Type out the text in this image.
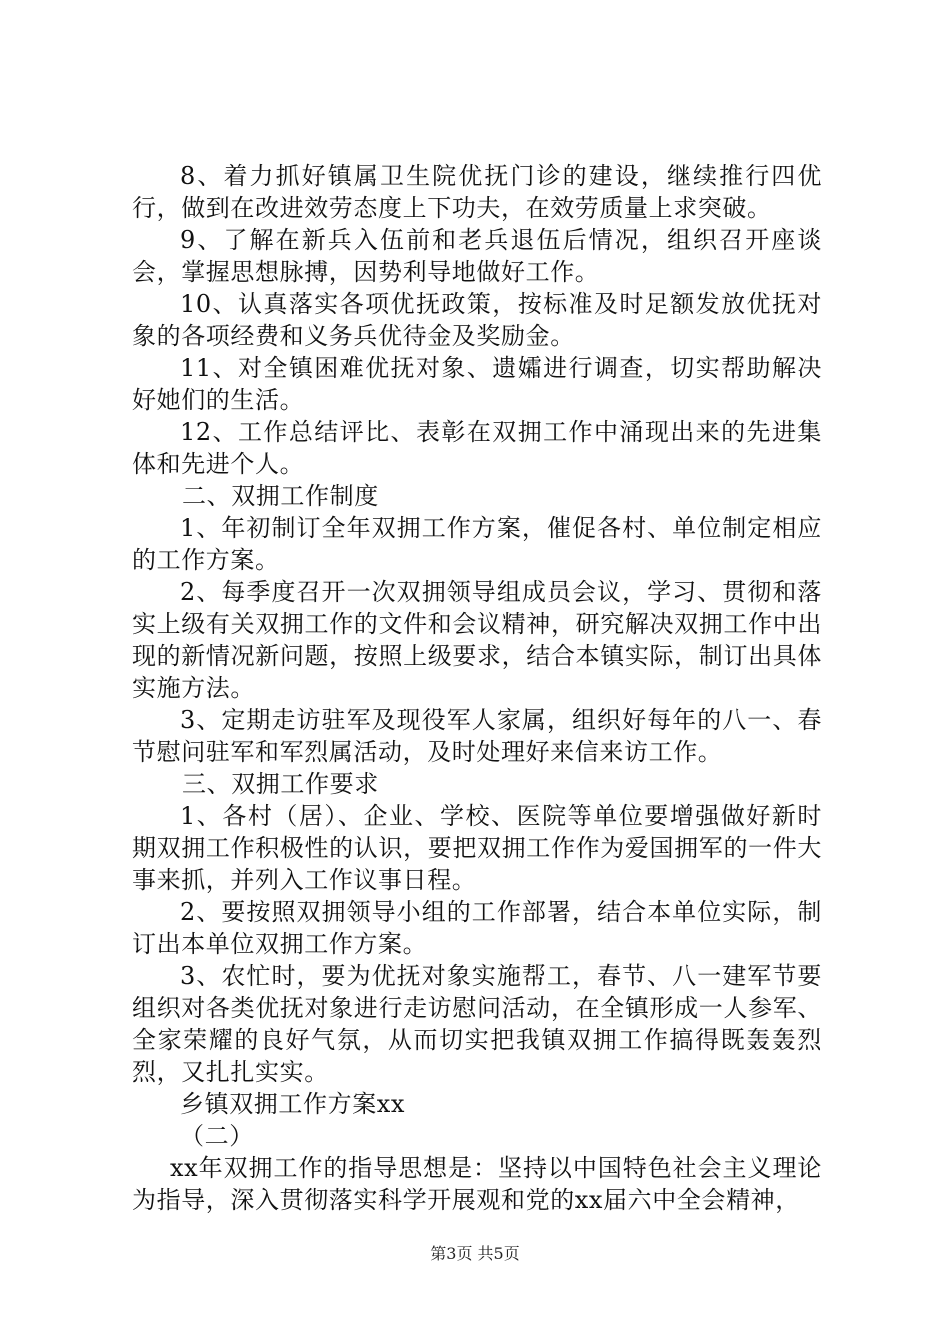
8、着力抓好镇属卫生院优抚门诊的建设，继续推行四优行，做到在改进效劳态度上下功夫，在效劳质量上求突破。

9、了解在新兵入伍前和老兵退伍后情况，组织召开座谈会，掌握思想脉搏，因势利导地做好工作。

10、认真落实各项优抚政策，按标准及时足额发放优抚对象的各项经费和义务兵优待金及奖励金。

11、对全镇困难优抚对象、遗孀进行调查，切实帮助解决好她们的生活。

12、工作总结评比、表彰在双拥工作中涌现出来的先进集体和先进个人。

二、双拥工作制度

1、年初制订全年双拥工作方案，催促各村、单位制定相应的工作方案。

2、每季度召开一次双拥领导组成员会议，学习、贯彻和落实上级有关双拥工作的文件和会议精神，研究解决双拥工作中出现的新情况新问题，按照上级要求，结合本镇实际，制订出具体实施方法。

3、定期走访驻军及现役军人家属，组织好每年的八一、春节慰问驻军和军烈属活动，及时处理好来信来访工作。

三、双拥工作要求

1、各村（居）、企业、学校、医院等单位要增强做好新时期双拥工作积极性的认识，要把双拥工作作为爱国拥军的一件大事来抓，并列入工作议事日程。

2、要按照双拥领导小组的工作部署，结合本单位实际，制订出本单位双拥工作方案。

3、农忙时，要为优抚对象实施帮工，春节、八一建军节要组织对各类优抚对象进行走访慰问活动，在全镇形成一人参军、全家荣耀的良好气氛，从而切实把我镇双拥工作搞得既轰轰烈烈，又扎扎实实。

乡镇双拥工作方案xx

（二）

xx年双拥工作的指导思想是：坚持以中国特色社会主义理论为指导，深入贯彻落实科学开展观和党的xx届六中全会精神，

第3页 共5页
